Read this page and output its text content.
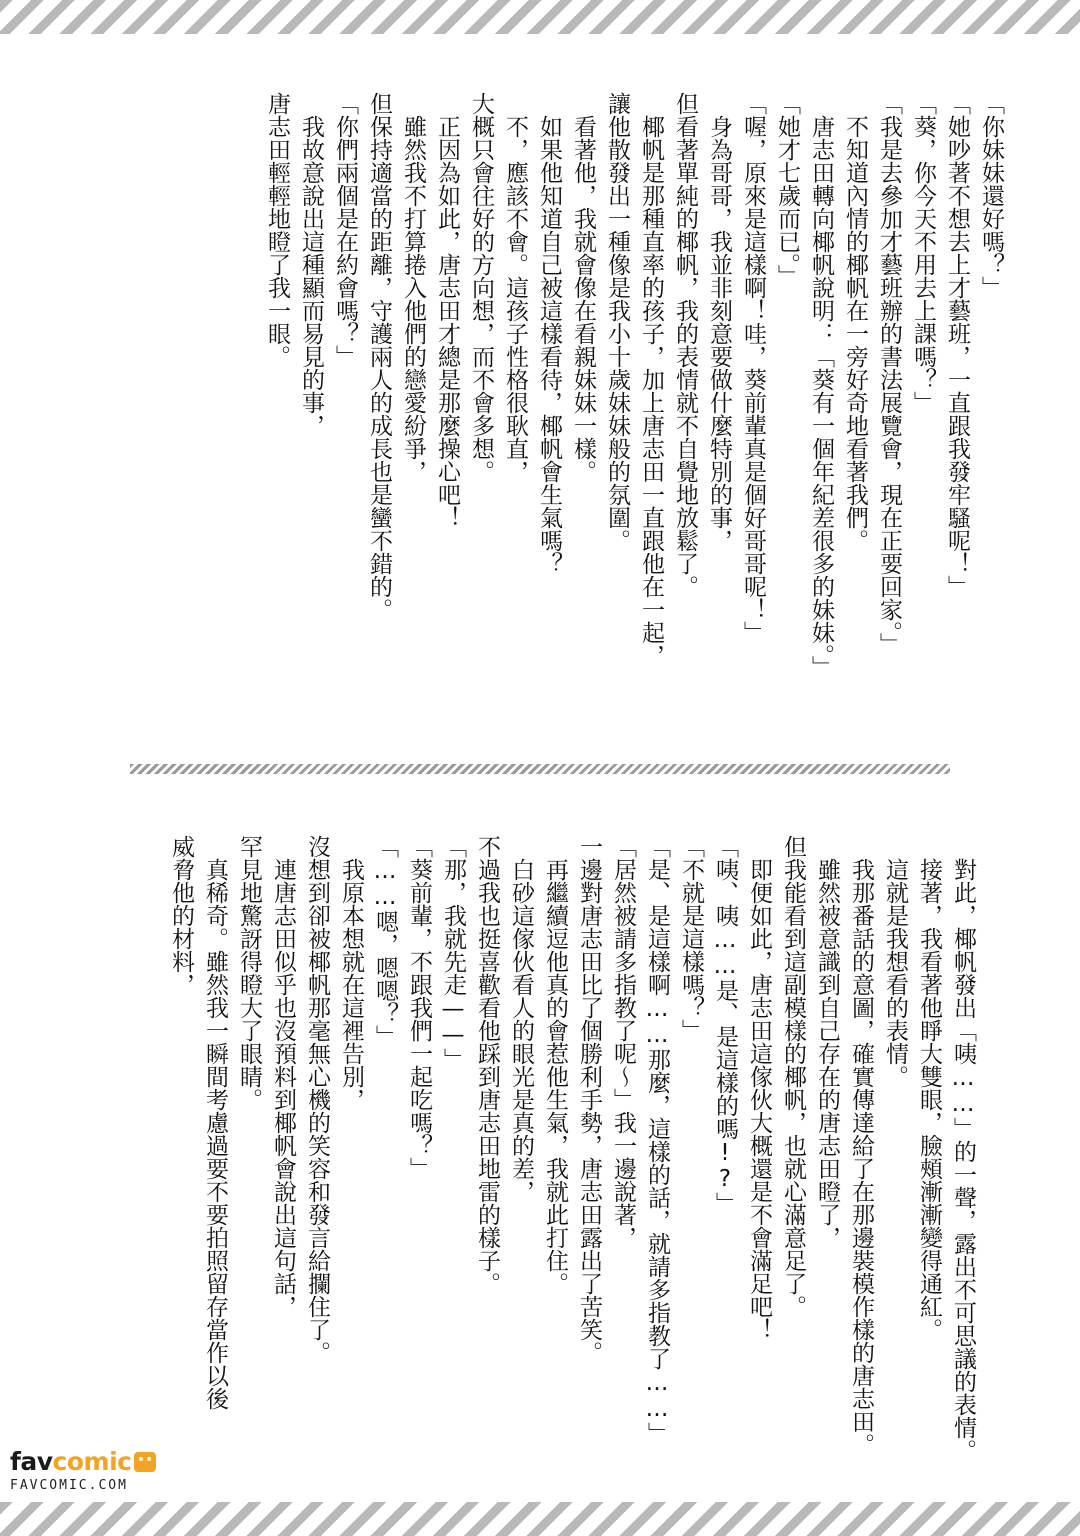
「你妹妹還好嗎？」
「她吵著不想去上才藝班，一直跟我發牢騷呢！」
「葵，你今天不用去上課嗎？」
「我是去參加才藝班辦的書法展覽會，現在正要回家。」
　不知道內情的椰帆在一旁好奇地看著我們。
　唐志田轉向椰帆說明：「葵有一個年紀差很多的妹妹。」
「她才七歲而已。」
「喔，原來是這樣啊！哇，葵前輩真是個好哥哥呢！」
　身為哥哥，我並非刻意要做什麼特別的事，
但看著單純的椰帆，我的表情就不自覺地放鬆了。
　椰帆是那種直率的孩子，加上唐志田一直跟他在一起，
讓他散發出一種像是我小十歲妹妹般的氛圍。
　看著他，我就會像在看親妹妹一樣。
　如果他知道自己被這樣看待，椰帆會生氣嗎？
　不，應該不會。這孩子性格很耿直，
大概只會往好的方向想，而不會多想。
　正因為如此，唐志田才總是那麼操心吧！
　雖然我不打算捲入他們的戀愛紛爭，
但保持適當的距離，守護兩人的成長也是蠻不錯的。
「你們兩個是在約會嗎？」
　我故意說出這種顯而易見的事，
唐志田輕輕地瞪了我一眼。
　對此，椰帆發出「咦……」的一聲，露出不可思議的表情。
　接著，我看著他睜大雙眼，臉頰漸漸變得通紅。
　這就是我想看的表情。
　我那番話的意圖，確實傳達給了在那邊裝模作樣的唐志田。
　雖然被意識到自己存在的唐志田瞪了，
但我能看到這副模樣的椰帆，也就心滿意足了。
　即便如此，唐志田這傢伙大概還是不會滿足吧！
「咦、咦……是、是這樣的嗎!?」
「不就是這樣嗎？」
「是、是這樣啊……那麼，這樣的話，就請多指教了……」
「居然被請多指教了呢～」我一邊說著，
一邊對唐志田比了個勝利手勢，唐志田露出了苦笑。
　再繼續逗他真的會惹他生氣，我就此打住。
　白砂這傢伙看人的眼光是真的差，
不過我也挺喜歡看他踩到唐志田地雷的樣子。
「那，我就先走——」
「葵前輩，不跟我們一起吃嗎？」
「……嗯，嗯嗯？」
　我原本想就在這裡告別，
沒想到卻被椰帆那毫無心機的笑容和發言給攔住了。
　連唐志田似乎也沒預料到椰帆會說出這句話，
罕見地驚訝得瞪大了眼睛。
　真稀奇。雖然我一瞬間考慮過要不要拍照留存當作以後
威脅他的材料，
favcomic
FAVCOMIC.COM
